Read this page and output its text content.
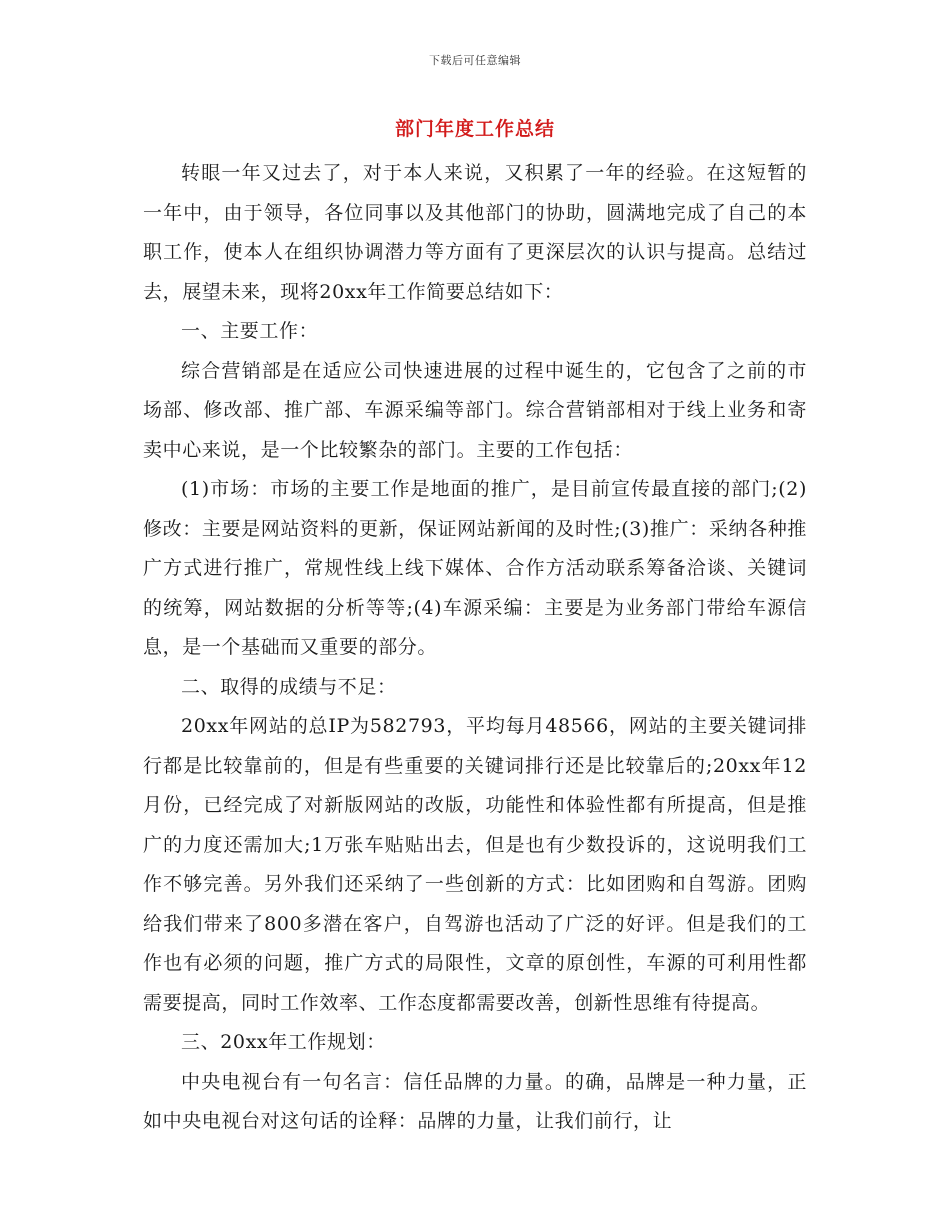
下载后可任意编辑
部门年度工作总结

转眼一年又过去了，对于本人来说，又积累了一年的经验。在这短暂的一年中，由于领导，各位同事以及其他部门的协助，圆满地完成了自己的本职工作，使本人在组织协调潜力等方面有了更深层次的认识与提高。总结过去，展望未来，现将20xx年工作简要总结如下：

一、主要工作：

综合营销部是在适应公司快速进展的过程中诞生的，它包含了之前的市场部、修改部、推广部、车源采编等部门。综合营销部相对于线上业务和寄卖中心来说，是一个比较繁杂的部门。主要的工作包括：

(1)市场：市场的主要工作是地面的推广，是目前宣传最直接的部门;(2)修改：主要是网站资料的更新，保证网站新闻的及时性;(3)推广：采纳各种推广方式进行推广，常规性线上线下媒体、合作方活动联系筹备洽谈、关键词的统筹，网站数据的分析等等;(4)车源采编：主要是为业务部门带给车源信息，是一个基础而又重要的部分。

二、取得的成绩与不足：

20xx年网站的总IP为582793，平均每月48566，网站的主要关键词排行都是比较靠前的，但是有些重要的关键词排行还是比较靠后的;20xx年12月份，已经完成了对新版网站的改版，功能性和体验性都有所提高，但是推广的力度还需加大;1万张车贴贴出去，但是也有少数投诉的，这说明我们工作不够完善。另外我们还采纳了一些创新的方式：比如团购和自驾游。团购给我们带来了800多潜在客户，自驾游也活动了广泛的好评。但是我们的工作也有必须的问题，推广方式的局限性，文章的原创性，车源的可利用性都需要提高，同时工作效率、工作态度都需要改善，创新性思维有待提高。

三、20xx年工作规划：

中央电视台有一句名言：信任品牌的力量。的确，品牌是一种力量，正如中央电视台对这句话的诠释：品牌的力量，让我们前行，让
